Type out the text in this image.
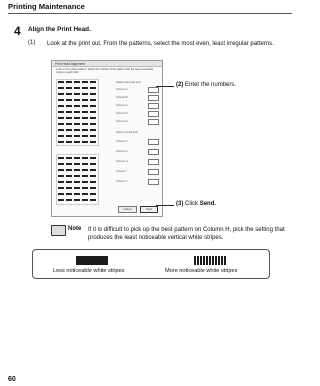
Printing Maintenance
4 Align the Print Head.
(1) Look at the print out. From the patterns, select the most even, least irregular patterns.
Print Head Alignment
Look at the printed pattern. Select the number of the pattern with the least noticeable stripes in each field.
Adjust horizontal print
Column A:
Column B:
Column C:
Column D:
Column E:
Adjust vertical print
Column F:
Column G:
Column H:
Column I:
Column J:
Cancel	Send
(2) Enter the numbers.
(3) Click Send.
Note If it is difficult to pick up the best pattern on Column H, pick the setting that produces the least noticeable vertical white stripes.
Less noticeable white stripes	More noticeable white stripes
60
